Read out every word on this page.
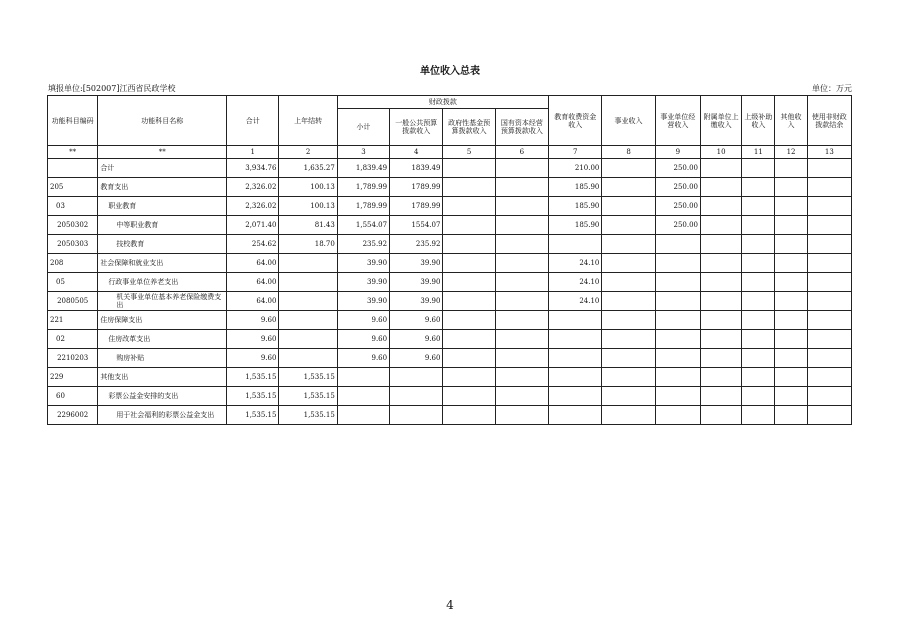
单位收入总表
填报单位:[502007]江西省民政学校	单位：万元
功能科目编码	功能科目名称	合计	上年结转	财政拨款				教育收费资金收入	事业收入	事业单位经营收入	附属单位上缴收入	上级补助收入	其他收入	使用非财政拨款结余
				小计	一般公共预算拨款收入	政府性基金预算拨款收入	国有资本经营预算拨款收入							
**	**	1	2	3	4	5	6	7	8	9	10	11	12	13
	合计	3,934.76	1,635.27	1,839.49	1839.49			210.00		250.00				
205	教育支出	2,326.02	100.13	1,789.99	1789.99			185.90		250.00				
03	职业教育	2,326.02	100.13	1,789.99	1789.99			185.90		250.00				
2050302	中等职业教育	2,071.40	81.43	1,554.07	1554.07			185.90		250.00				
2050303	技校教育	254.62	18.70	235.92	235.92									
208	社会保障和就业支出	64.00		39.90	39.90			24.10						
05	行政事业单位养老支出	64.00		39.90	39.90			24.10						
2080505	机关事业单位基本养老保险缴费支出	64.00		39.90	39.90			24.10						
221	住房保障支出	9.60		9.60	9.60									
02	住房改革支出	9.60		9.60	9.60									
2210203	购房补贴	9.60		9.60	9.60									
229	其他支出	1,535.15	1,535.15											
60	彩票公益金安排的支出	1,535.15	1,535.15											
2296002	用于社会福利的彩票公益金支出	1,535.15	1,535.15											
4
